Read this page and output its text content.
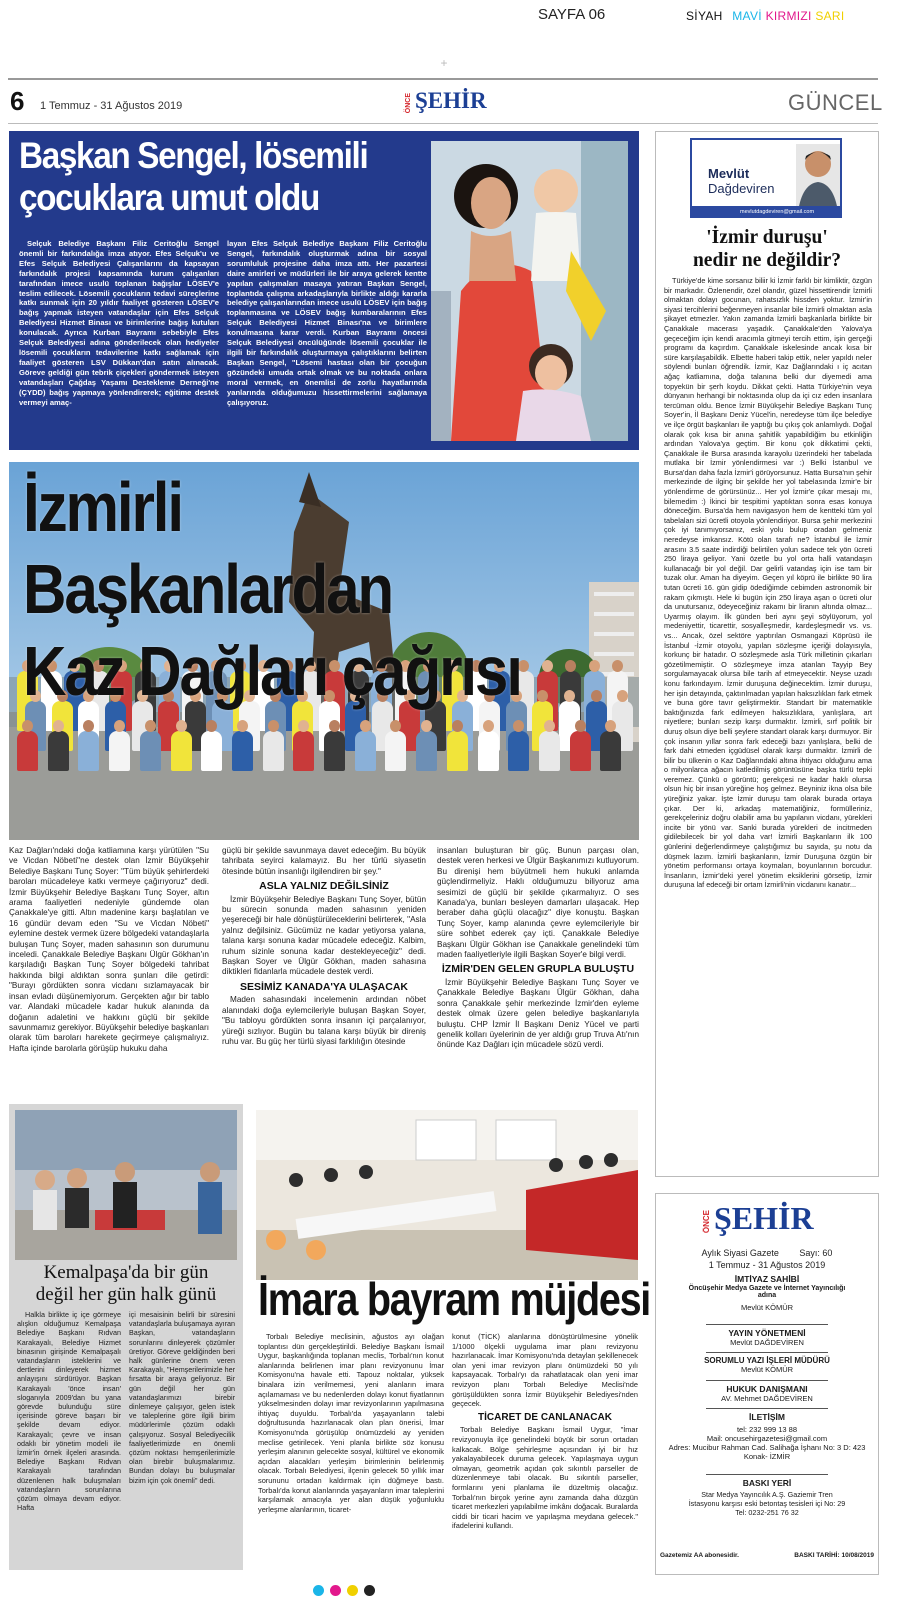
SAYFA 06	SİYAH MAVİ KIRMIZI SARI
+
6 1 Temmuz - 31 Ağustos 2019	ÖNCE ŞEHİR	GÜNCEL
Başkan Sengel, lösemili
çocuklara umut oldu
Selçuk Belediye Başkanı Filiz Ceritoğlu Sengel önemli bir farkındalığa imza atıyor. Efes Selçuk'u ve Efes Selçuk Belediyesi Çalışanlarını da kapsayan farkındalık projesi kapsamında kurum çalışanları tarafından imece usulü toplanan bağışlar LÖSEV'e teslim edilecek. Lösemili çocukların tedavi süreçlerine katkı sunmak için 20 yıldır faaliyet gösteren LÖSEV'e bağış yapmak isteyen vatandaşlar için Efes Selçuk Belediyesi Hizmet Binası ve birimlerine bağış kutuları konulacak. Ayrıca Kurban Bayramı sebebiyle Efes Selçuk Belediyesi adına gönderilecek olan hediyeler lösemili çocukların tedavilerine katkı sağlamak için faaliyet gösteren LSV Dükkan'dan satın alınacak. Göreve geldiği gün tebrik çiçekleri göndermek isteyen vatandaşları Çağdaş Yaşamı Destekleme Derneği'ne (ÇYDD) bağış yapmaya yönlendirerek; eğitime destek vermeyi amaç-
layan Efes Selçuk Belediye Başkanı Filiz Ceritoğlu Sengel, farkındalık oluşturmak adına bir sosyal sorumluluk projesine daha imza attı. Her pazartesi daire amirleri ve müdürleri ile bir araya gelerek kentte yapılan çalışmaları masaya yatıran Başkan Sengel, toplantıda çalışma arkadaşlarıyla birlikte aldığı kararla belediye çalışanlarından imece usulü LÖSEV için bağış toplanmasına ve LÖSEV bağış kumbaralarının Efes Selçuk Belediyesi Hizmet Binası'na ve birimlere konulmasına karar verdi. Kurban Bayramı öncesi Selçuk Belediyesi öncülüğünde lösemili çocuklar ile ilgili bir farkındalık oluşturmaya çalıştıklarını belirten Başkan Sengel, "Lösemi hastası olan bir çocuğun gözündeki umuda ortak olmak ve bu noktada onlara moral vermek, en önemlisi de zorlu hayatlarında yanlarında olduğumuzu hissettirmelerini sağlamaya çalışıyoruz.
İzmirli Başkanlardan
Kaz Dağları çağrısı

Kaz Dağları'ndaki doğa katliamına karşı yürütülen "Su ve Vicdan Nöbeti"ne destek olan İzmir Büyükşehir Belediye Başkanı Tunç Soyer: "Tüm büyük şehirlerdeki baroları mücadeleye katkı vermeye çağırıyoruz" dedi. İzmir Büyükşehir Belediye Başkanı Tunç Soyer, altın arama faaliyetleri nedeniyle gündemde olan Çanakkale'ye gitti. Altın madenine karşı başlatılan ve 16 gündür devam eden "Su ve Vicdan Nöbeti" eylemine destek vermek üzere bölgedeki vatandaşlarla buluşan Tunç Soyer, maden sahasının son durumunu inceledi. Çanakkale Belediye Başkanı Ülgür Gökhan'ın karşıladığı Başkan Tunç Soyer bölgedeki tahribat hakkında bilgi aldıktan sonra şunları dile getirdi: "Burayı gördükten sonra vicdanı sızlamayacak bir insan evladı düşünemiyorum. Gerçekten ağır bir tablo var. Alandaki mücadele kadar hukuk alanında da doğanın adaletini ve hakkını güçlü bir şekilde savunmamız gerekiyor. Büyükşehir belediye başkanları olarak tüm baroları harekete geçirmeye çalışmalıyız. Hafta içinde barolarla görüşüp hukuku daha

güçlü bir şekilde savunmaya davet edeceğim. Bu büyük tahribata seyirci kalamayız. Bu her türlü siyasetin ötesinde bütün insanlığı ilgilendiren bir şey."

ASLA YALNIZ DEĞİLSİNİZ

İzmir Büyükşehir Belediye Başkanı Tunç Soyer, bütün bu sürecin sonunda maden sahasının yeniden yeşereceği bir hale dönüştürüleceklerini belirterek, "Asla yalnız değilsiniz. Gücümüz ne kadar yetiyorsa yalana, talana karşı sonuna kadar mücadele edeceğiz. Kalbim, ruhum sizinle sonuna kadar destekleyeceğiz" dedi. Başkan Soyer ve Ülgür Gökhan, maden sahasına diktikleri fidanlarla mücadele destek verdi.

SESİMİZ KANADA'YA ULAŞACAK

Maden sahasındaki incelemenin ardından nöbet alanındaki doğa eylemcileriyle buluşan Başkan Soyer, "Bu tabloyu gördükten sonra insanın içi parçalanıyor, yüreği sızlıyor. Bugün bu talana karşı büyük bir direniş ruhu var. Bu güç her türlü siyasi farklılığın ötesinde

insanları buluşturan bir güç. Bunun parçası olan, destek veren herkesi ve Ülgür Başkanımızı kutluyorum. Bu direnişi hem büyütmeli hem hukuki anlamda güçlendirmeliyiz. Haklı olduğumuzu biliyoruz ama sesimizi de güçlü bir şekilde çıkarmalıyız. O ses Kanada'ya, bunları besleyen damarları ulaşacak. Hep beraber daha güçlü olacağız" diye konuştu. Başkan Tunç Soyer, kamp alanında çevre eylemcileriyle bir süre sohbet ederek çay içti. Çanakkale Belediye Başkanı Ülgür Gökhan ise Çanakkale genelindeki tüm maden faaliyetleriyle ilgili Başkan Soyer'e bilgi verdi.

İZMİR'DEN GELEN GRUPLA BULUŞTU

İzmir Büyükşehir Belediye Başkanı Tunç Soyer ve Çanakkale Belediye Başkanı Ülgür Gökhan, daha sonra Çanakkale şehir merkezinde İzmir'den eyleme destek olmak üzere gelen belediye başkanlarıyla buluştu. CHP İzmir İl Başkanı Deniz Yücel ve parti genelik kolları üyelerinin de yer aldığı grup Truva Atı'nın önünde Kaz Dağları için mücadele sözü verdi.

Kemalpaşa'da bir gün
değil her gün halk günü
Halkla birlikte iç içe görmeye alışkın olduğumuz Kemalpaşa Belediye Başkanı Rıdvan Karakayalı, Belediye Hizmet binasının girişinde Kemalpaşalı vatandaşların isteklerini ve dertlerini dinleyerek hizmet anlayışını sürdürüyor. Başkan Karakayalı 'önce insan' sloganıyla 2009'dan bu yana görevde bulunduğu süre içerisinde göreve başarı bir şekilde devam ediyor. Karakayalı; çevre ve insan odaklı bir yönetim modeli ile İzmir'in örnek ilçeleri arasında. Belediye Başkanı Rıdvan Karakayalı tarafından düzenlenen halk buluşmaları vatandaşların sorunlarına çözüm olmaya devam ediyor. Hafta
içi mesaisinin belirli bir süresini vatandaşlarla buluşamaya ayıran Başkan, vatandaşların sorunlarını dinleyerek çözümler üretiyor. Göreve geldiğinden beri halk günlerine önem veren Karakayalı, "Hemşerilerimizle her fırsatta bir araya geliyoruz. Bir gün değil her gün vatandaşlarımızı birebir dinlemeye çalışıyor, gelen istek ve taleplerine göre ilgili birim müdürlerimle çözüm odaklı çalışıyoruz. Sosyal Belediyecilik faaliyetlerimizde en önemli çözüm noktası hemşerilerimizle olan birebir buluşmalarımız. Bundan dolayı bu buluşmalar bizim için çok önemli" dedi.
İmara bayram müjdesi
Torbalı Belediye meclisinin, ağustos ayı olağan toplantısı dün gerçekleştirildi. Belediye Başkanı İsmail Uygur, başkanlığında toplanan meclis, Torbalı'nın konut alanlarında belirlenen imar planı revizyonunu İmar Komisyonu'na havale etti. Tapouz noktalar, yüksek binalara izin verilmemesi, yeni alanların imara açılamaması ve bu nedenlerden dolayı konut fiyatlarının yükselmesinden dolayı imar revizyonlarının yapılmasına ihtiyaç duyuldu. Torbalı'da yaşayanların talebi doğrultusunda hazırlanacak olan plan önerisi, İmar Komisyonu'nda görüşülüp önümüzdeki ay yeniden meclise getirilecek. Yeni planla birlikte söz konusu yerleşim alanının gelecekte sosyal, kültürel ve ekonomik açıdan alacakları yerleşim birimlerinin belirlenmiş olacak. Torbalı Belediyesi, ilçenin gelecek 50 yıllık imar sorununu ortadan kaldırmak için düğmeye bastı. Torbalı'da konut alanlarında yaşayanların imar taleplerini karşılamak amacıyla yer alan düşük yoğunluklu yerleşme alanlarının, ticaret-

konut (TİCK) alanlarına dönüştürülmesine yönelik 1/1000 ölçekli uygulama imar planı revizyonu hazırlanacak. İmar Komisyonu'nda detaylan şekillenecek olan yeni imar revizyon planı önümüzdeki 50 yılı kapsayacak. Torbalı'yı da rahatlatacak olan yeni imar revizyon planı Torbalı Belediye Meclisi'nde görüşüldükten sonra İzmir Büyükşehir Belediyesi'nden geçecek.

TİCARET DE CANLANACAK

Torbalı Belediye Başkanı İsmail Uygur, "İmar revizyonuyla ilçe genelindeki büyük bir sorun ortadan kalkacak. Bölge şehirleşme açısından iyi bir hız yakalayabilecek duruma gelecek. Yapılaşmaya uygun olmayan, geometrik açıdan çok sıkıntılı parseller de düzenlenmeye tabi olacak. Bu sıkıntılı parseller, formlarını yeni planlama ile düzeltmiş olacağız. Torbalı'nın birçok yerine aynı zamanda daha düzgün ticaret merkezleri yapılabilme imkânı doğacak. Buralarda ciddi bir ticari hacim ve yapılaşma meydana gelecek." ifadelerini kullandı.

Mevlüt
Dağdeviren
mevlutdagdeviren@gmail.com
'İzmir duruşu'
nedir ne değildir?
Türkiye'de kime sorsanız biliir ki İzmir farklı bir kimliktir, özgün bir markadır. Özlenendir, özel olandır, güzel hissettirendir İzmirli olmaktan dolayı gocunan, rahatsızlık hissden yoktur. İzmir'in siyasi tercihlerini beğenmeyen insanlar bile İzmirli olmaktan asla şikayet etmezler. Yakın zamanda İzmirli başkanlarla birlikte bir Çanakkale macerası yaşadık. Çanakkale'den Yalova'ya geçeceğim için kendi aracımla gitmeyi tercih ettim, işin gerçeği programı da kaçırdım. Çanakkale iskelesinde ancak kısa bir süre karşılaşabildik. Elbette haberi takip ettik, neler yapıldı neler söylendi bunları öğrendik. İzmir, Kaz Dağlarındaki ı iç acıtan ağaç katliamına, doğa talanına belki dur diyemedi ama topyekün bir şerh koydu. Dikkat çekti. Hatta Türkiye'nin veya dünyanın herhangi bir noktasında olup da içi cız eden insanlara tercüman oldu. Bence İzmir Büyükşehir Belediye Başkanı Tunç Soyer'in, İl Başkanı Deniz Yücel'in, neredeyse tüm ilçe belediye ve ilçe örgüt başkanları ile yaptığı bu çıkış çok anlamlıydı. Doğal olarak çok kısa bir anına şahitlik yapabildiğim bu etkinliğin ardından Yalova'ya geçtim. Bir konu çok dikkatimi çekti, Çanakkale ile Bursa arasında karayolu üzerindeki her tabelada mutlaka bir İzmir yönlendirmesi var :) Belki İstanbul ve Bursa'dan daha fazla İzmir'i görüyorsunuz. Hatta Bursa'nın şehir merkezinde de ilginç bir şekilde her yol tabelasında İzmir'e bir yönlendirme de görürsünüz... Her yol İzmir'e çıkar mesajı mı, bilemedim :) İkinci bir tespitimi yaptıktan sonra esas konuya döneceğim. Bursa'da hem navigasyon hem de kentteki tüm yol tabelaları sizi ücretli otoyola yönlendiriyor. Bursa şehir merkezini çok iyi tanımıyorsanız, eski yolu bulup oradan gelmeniz neredeyse imkansız. Kötü olan tarafı ne? İstanbul ile İzmir arasını 3.5 saate indirdiği belirtilen yolun sadece tek yön ücreti 250 liraya geliyor. Yani özetle bu yol orta halli vatandaşın kullanacağı bir yol değil. Dar gelirli vatandaş için ise tam bir tuzak olur. Aman ha diyeyim. Geçen yıl köprü ile birlikte 90 lira tutan ücreti 16. gün gidip ödediğimde cebimden astronomik bir rakam çıkmıştı. Hele ki bugün için 250 liraya aşan o ücreti olur da unutursanız, ödeyeceğiniz rakamı bir liranın altında olmaz... Uyarmış olayım. İlk günden beri aynı şeyi söylüyorum, yol medeniyettir, ticarettir, sosyalleşmedir, kardeşleşmedir vs. vs. vs... Ancak, özel sektöre yaptırılan Osmangazi Köprüsü ile İstanbul -İzmir otoyolu, yapılan sözleşme içeriği dolayısıyla, korkunç bir hatadır. O sözleşmede asla Türk milletinin çıkarları gözetilmemiştir. O sözleşmeye imza atanlan Tayyip Bey sorgulamayacak olursa bile tarih af etmeyecektir. Neyse uzadı konu farkındayım. İzmir duruşuna değinecektim. İzmir duruşu, her işin detayında, çaktırılmadan yapılan haksızlıkları fark etmek ve buna göre tavır geliştirmektir. Standart bir matematikle baktığınızda fark edilmeyen haksızlıklara, yanlışlara, art niyetlere; bunları sezip karşı durmaktır. İzmirli, sırf politik bir duruş olsun diye belli şeylere standart olarak karşı durmuyor. Bir çok insanın yıllar sonra fark edeceği bazı yanlışlara, belki de fark dahi etmeden içgüdüsel olarak karşı durmaktır. İzmirli de bilir bu ülkenin o Kaz Dağlarındaki altına ihtiyacı olduğunu ama o milyonlarca ağacın katledilmiş görüntüsüne başka türlü tepki veremez. Çünkü o görüntü; gerekçesi ne kadar haklı olursa olsun hiç bir insan yüreğine hoş gelmez. Beyniniz ikna olsa bile yüreğiniz yakar. İşte İzmir duruşu tam olarak burada ortaya çıkar. Der ki, arkadaş matematiğiniz, formülleriniz, gerekçeleriniz doğru olabilir ama bu yapılanın vicdanı, yürekleri incite bir yönü var. Sanki burada yürekleri de incitmeden gidilebilecek bir yol daha var! İzmirli Başkanların ilk 100 günlerini değerlendirmeye çalıştığımız bu sayıda, şu notu da düşmek lazım. İzmirli başkanların, İzmir Duruşuna özgün bir yönetim performansı ortaya koymaları, boyunlarının borcudur. İnsanların, İzmir'deki yerel yönetim eksiklerini görsetip, İzmir duruşuna laf edeceği bir ortam İzmirli'nin vicdanını kanatır...
ÖNCE ŞEHİR
Aylık Siyasi Gazete Sayı: 60
1 Temmuz - 31 Ağustos 2019
İMTİYAZ SAHİBİ
Öncüşehir Medya Gazete ve İnternet Yayıncılığı adına
Mevlüt KÖMÜR
YAYIN YÖNETMENİ
Mevlüt DAĞDEVİREN
SORUMLU YAZI İŞLERİ MÜDÜRÜ
Mevlüt KÖMÜR
HUKUK DANIŞMANI
AV. Mehmet DAĞDEVİREN
İLETİŞİM
tel: 232 999 13 88
Mail: oncusehirgazetesi@gmail.com
Adres: Mucibur Rahman Cad. Salihağa İşhanı No: 3 D: 423 Konak- İZMİR
BASKI YERİ
Star Medya Yayıncılık A.Ş. Gaziemir Tren İstasyonu karşısı eski betontaş tesisleri içi No: 29 Tel: 0232-251 76 32
Gazetemiz AA abonesidir.	BASKI TARİHİ: 10/08/2019
